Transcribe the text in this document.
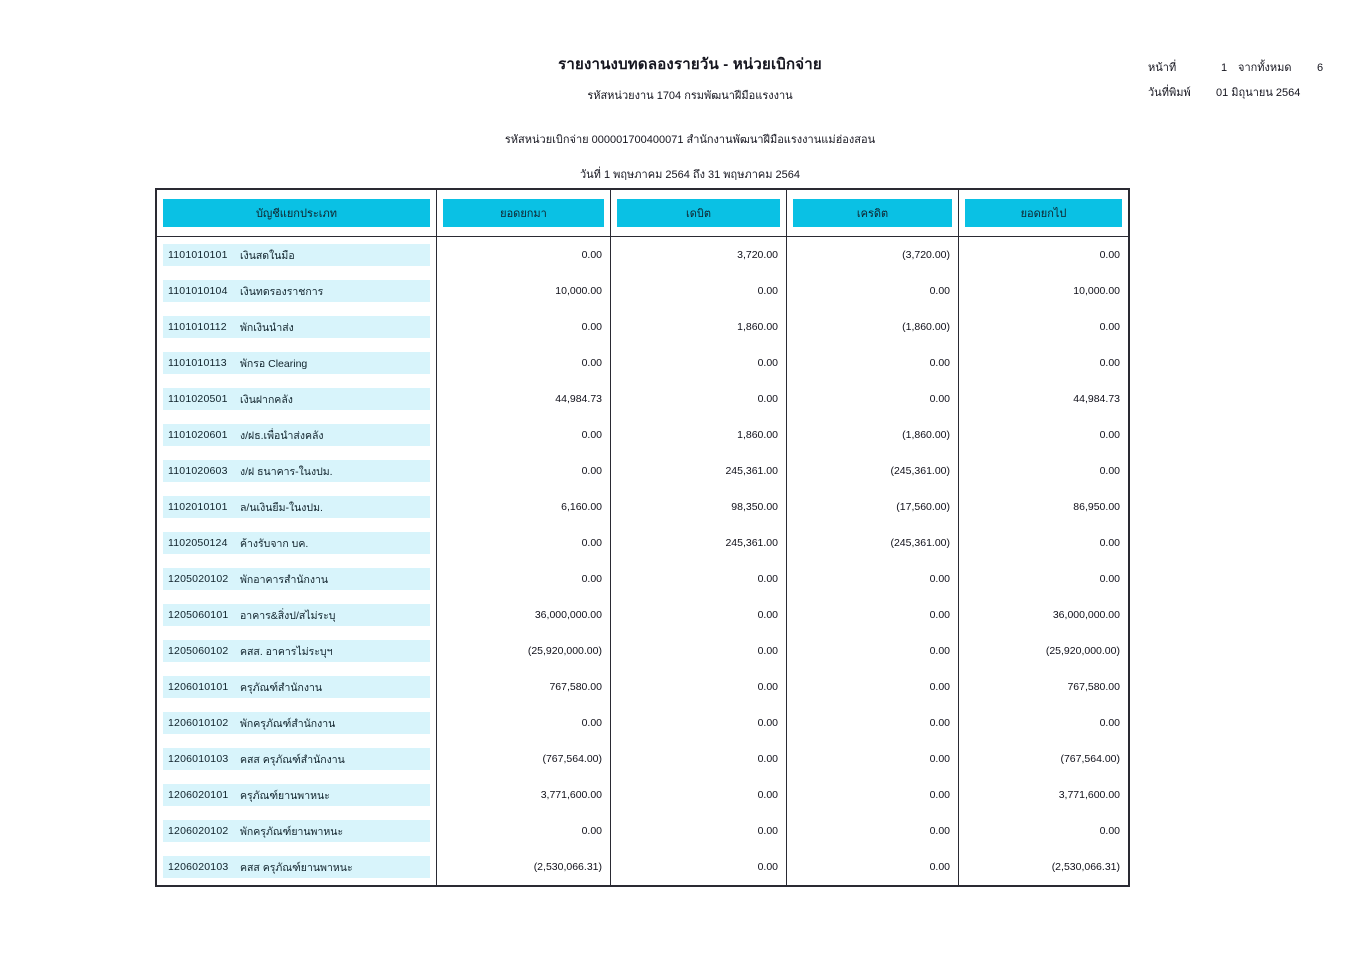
รายงานงบทดลองรายวัน - หน่วยเบิกจ่าย
รหัสหน่วยงาน 1704 กรมพัฒนาฝีมือแรงงาน
รหัสหน่วยเบิกจ่าย 000001700400071 สำนักงานพัฒนาฝีมือแรงงานแม่ฮ่องสอน
วันที่ 1 พฤษภาคม 2564 ถึง 31 พฤษภาคม 2564
หน้าที่	1 จากทั้งหมด	6
วันที่พิมพ์	01 มิถุนายน 2564
บัญชีแยกประเภท	ยอดยกมา	เดบิต	เครดิต	ยอดยกไป
1101010101	เงินสดในมือ	0.00	3,720.00	(3,720.00)	0.00
1101010104	เงินทดรองราชการ	10,000.00	0.00	0.00	10,000.00
1101010112	พักเงินนำส่ง	0.00	1,860.00	(1,860.00)	0.00
1101010113	พักรอ Clearing	0.00	0.00	0.00	0.00
1101020501	เงินฝากคลัง	44,984.73	0.00	0.00	44,984.73
1101020601	ง/ฝธ.เพื่อนำส่งคลัง	0.00	1,860.00	(1,860.00)	0.00
1101020603	ง/ฝ ธนาคาร-ในงปม.	0.00	245,361.00	(245,361.00)	0.00
1102010101	ล/นเงินยืม-ในงปม.	6,160.00	98,350.00	(17,560.00)	86,950.00
1102050124	ค้างรับจาก บค.	0.00	245,361.00	(245,361.00)	0.00
1205020102	พักอาคารสำนักงาน	0.00	0.00	0.00	0.00
1205060101	อาคาร&สิ่งป/สไม่ระบุ	36,000,000.00	0.00	0.00	36,000,000.00
1205060102	คสส. อาคารไม่ระบุฯ	(25,920,000.00)	0.00	0.00	(25,920,000.00)
1206010101	ครุภัณฑ์สำนักงาน	767,580.00	0.00	0.00	767,580.00
1206010102	พักครุภัณฑ์สำนักงาน	0.00	0.00	0.00	0.00
1206010103	คสส ครุภัณฑ์สำนักงาน	(767,564.00)	0.00	0.00	(767,564.00)
1206020101	ครุภัณฑ์ยานพาหนะ	3,771,600.00	0.00	0.00	3,771,600.00
1206020102	พักครุภัณฑ์ยานพาหนะ	0.00	0.00	0.00	0.00
1206020103	คสส ครุภัณฑ์ยานพาหนะ	(2,530,066.31)	0.00	0.00	(2,530,066.31)
